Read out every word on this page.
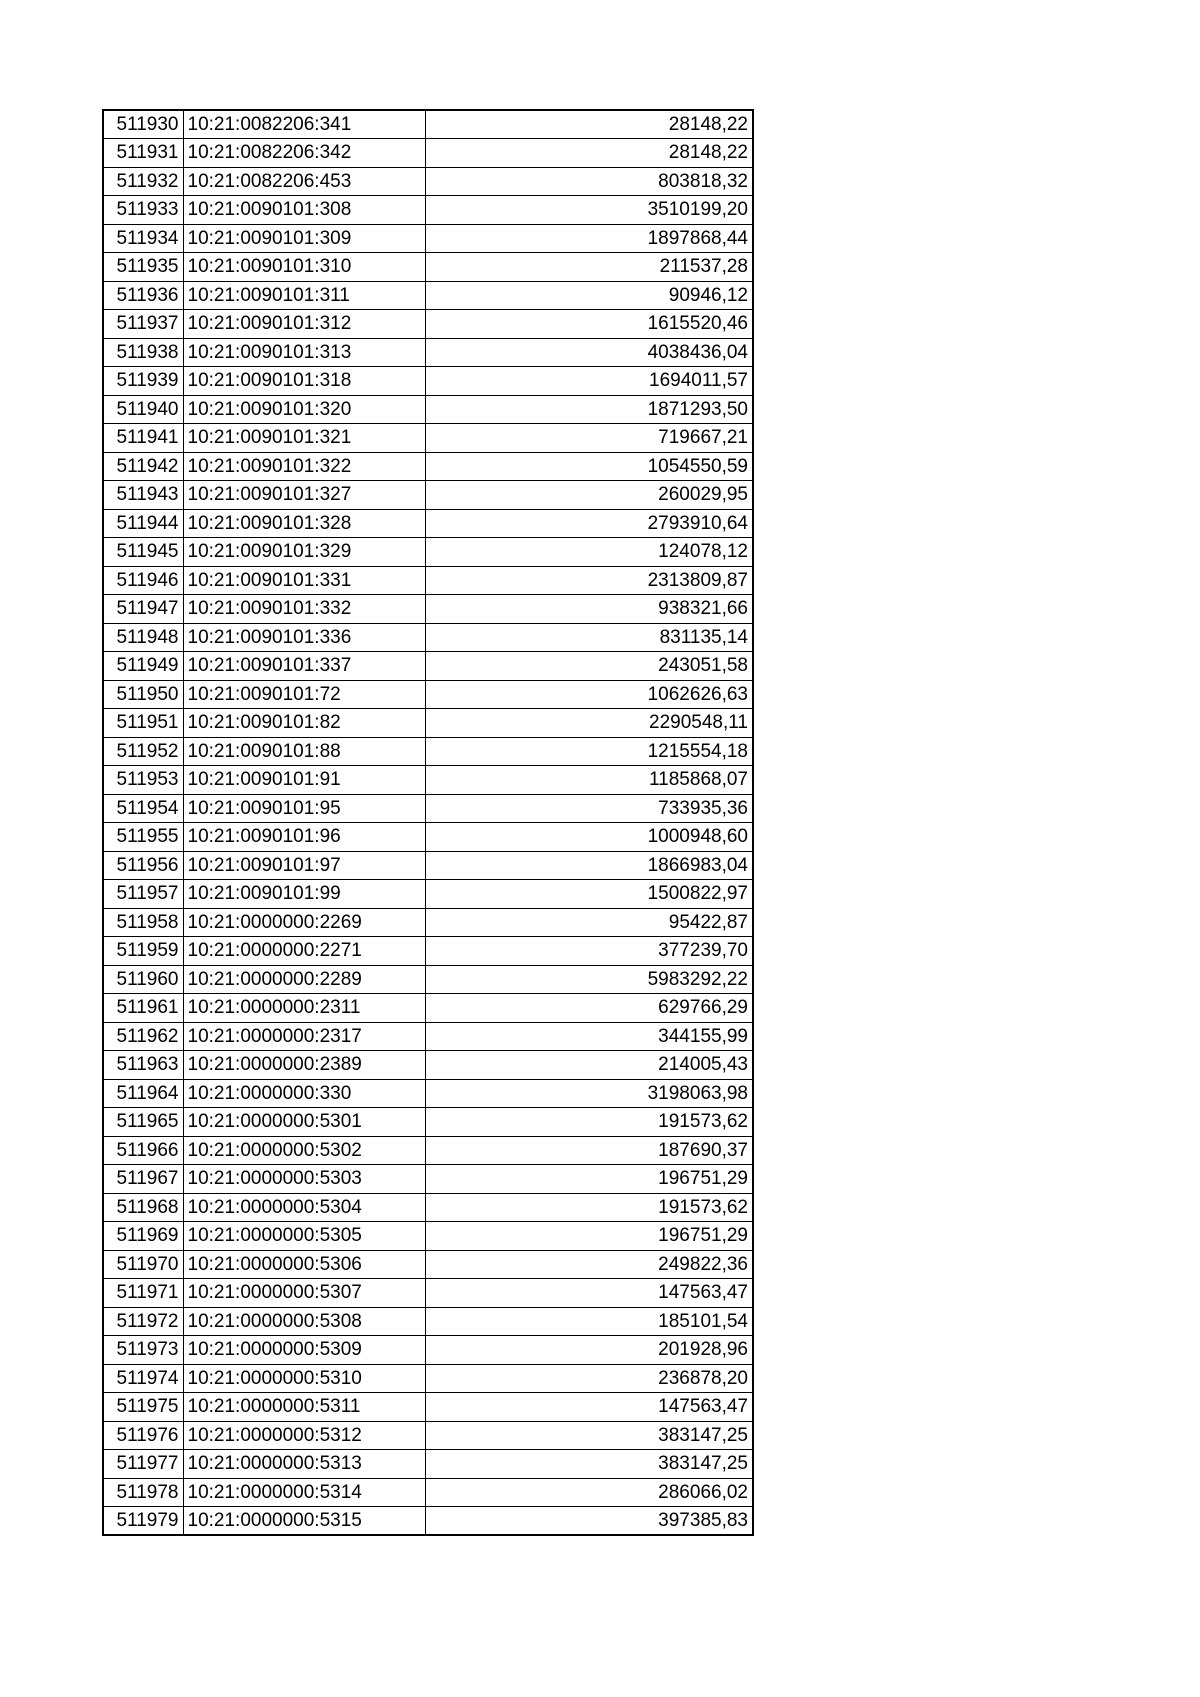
511930	10:21:0082206:341	28148,22
511931	10:21:0082206:342	28148,22
511932	10:21:0082206:453	803818,32
511933	10:21:0090101:308	3510199,20
511934	10:21:0090101:309	1897868,44
511935	10:21:0090101:310	211537,28
511936	10:21:0090101:311	90946,12
511937	10:21:0090101:312	1615520,46
511938	10:21:0090101:313	4038436,04
511939	10:21:0090101:318	1694011,57
511940	10:21:0090101:320	1871293,50
511941	10:21:0090101:321	719667,21
511942	10:21:0090101:322	1054550,59
511943	10:21:0090101:327	260029,95
511944	10:21:0090101:328	2793910,64
511945	10:21:0090101:329	124078,12
511946	10:21:0090101:331	2313809,87
511947	10:21:0090101:332	938321,66
511948	10:21:0090101:336	831135,14
511949	10:21:0090101:337	243051,58
511950	10:21:0090101:72	1062626,63
511951	10:21:0090101:82	2290548,11
511952	10:21:0090101:88	1215554,18
511953	10:21:0090101:91	1185868,07
511954	10:21:0090101:95	733935,36
511955	10:21:0090101:96	1000948,60
511956	10:21:0090101:97	1866983,04
511957	10:21:0090101:99	1500822,97
511958	10:21:0000000:2269	95422,87
511959	10:21:0000000:2271	377239,70
511960	10:21:0000000:2289	5983292,22
511961	10:21:0000000:2311	629766,29
511962	10:21:0000000:2317	344155,99
511963	10:21:0000000:2389	214005,43
511964	10:21:0000000:330	3198063,98
511965	10:21:0000000:5301	191573,62
511966	10:21:0000000:5302	187690,37
511967	10:21:0000000:5303	196751,29
511968	10:21:0000000:5304	191573,62
511969	10:21:0000000:5305	196751,29
511970	10:21:0000000:5306	249822,36
511971	10:21:0000000:5307	147563,47
511972	10:21:0000000:5308	185101,54
511973	10:21:0000000:5309	201928,96
511974	10:21:0000000:5310	236878,20
511975	10:21:0000000:5311	147563,47
511976	10:21:0000000:5312	383147,25
511977	10:21:0000000:5313	383147,25
511978	10:21:0000000:5314	286066,02
511979	10:21:0000000:5315	397385,83
